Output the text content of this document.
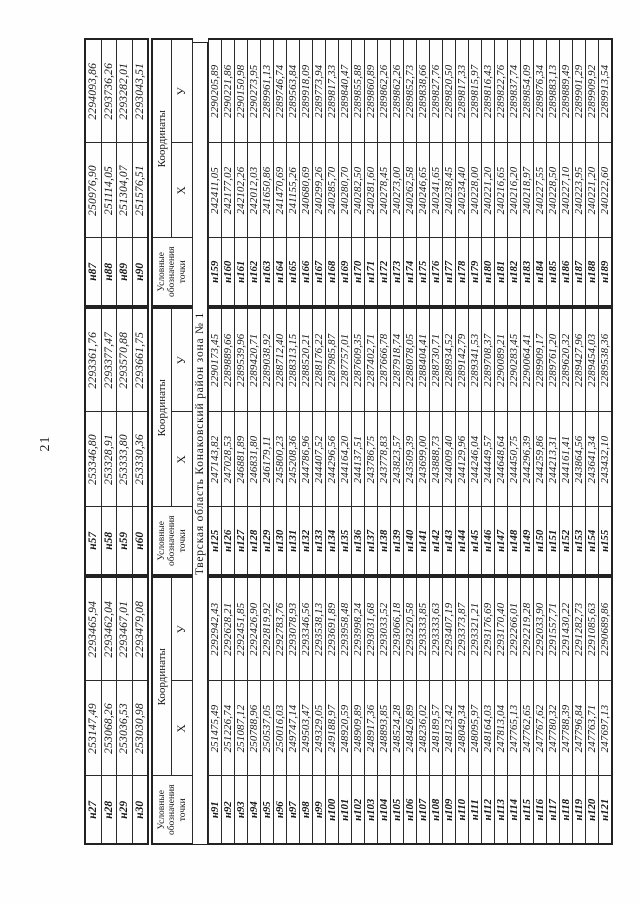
21
н27	253147,49	2293465,94
н28	253068,26	2293462,04
н29	253036,53	2293467,01
н30	253030,98	2293479,08
н57	253346,80	2293361,76
н58	253328,91	2293377,47
н59	253333,80	2293570,88
н60	253330,36	2293661,75
н87	250976,90	2294093,86
н88	251114,05	2293736,26
н89	251304,07	2293282,01
н90	251576,51	2293043,51
Условные обозначения точки	Координаты	
	X	У
Условные обозначения точки	Координаты	
	X	У
Условные обозначения точки	Координаты	
	X	У
Тверская область Конаковский район зона № 1
н91	251475,49	2292942,43
н92	251226,74	2292628,21
н93	251087,12	2292451,85
н94	250788,96	2292426,90
н95	250537,05	2292819,92
н96	250016,03	2292783,76
н97	249747,14	2293078,93
н98	249503,47	2293346,56
н99	249329,05	2293538,13
н100	249188,97	2293691,89
н101	248920,59	2293958,48
н102	248909,89	2293998,24
н103	248917,36	2293031,68
н104	248893,85	2293033,52
н105	248524,28	2293066,18
н106	248426,89	2293220,58
н107	248236,02	2293333,85
н108	248189,57	2293333,63
н109	248123,42	2293407,19
н110	248049,34	2293373,87
н111	248095,97	2293321,21
н112	248164,03	2293176,69
н113	247813,04	2293170,40
н114	247765,13	2292266,01
н115	247762,65	2292219,28
н116	247767,62	2292033,90
н117	247780,32	2291557,71
н118	247788,39	2291430,22
н119	247796,84	2291282,73
н120	247763,71	2291085,63
н121	247697,13	2290689,86
н125	247143,82	2290173,45
н126	247028,53	2289889,66
н127	246881,89	2289539,96
н128	246831,80	2289420,71
н129	246179,11	2289038,92
н130	245800,23	2288712,40
н131	245208,36	2288313,15
н132	244786,96	2288520,21
н133	244407,52	2288176,22
н134	244296,56	2287985,87
н135	244164,20	2287757,01
н136	244137,51	2287609,35
н137	243786,75	2287402,71
н138	243778,83	2287666,78
н139	243823,57	2287918,74
н140	243509,39	2288078,05
н141	243699,00	2288404,41
н142	243888,73	2288730,71
н143	244009,40	2288934,52
н144	244129,96	2289142,79
н145	244246,04	2289341,53
н146	244449,57	2289708,37
н147	244648,64	2290089,21
н148	244450,75	2290283,45
н149	244296,39	2290064,41
н150	244259,86	2289909,17
н151	244213,31	2289761,20
н152	244161,41	2289620,32
н153	243864,56	2289427,96
н154	243641,34	2289454,03
н155	243432,10	2289538,36
н159	242411,05	2290205,89
н160	242177,02	2290221,86
н161	242102,26	2290150,98
н162	242012,03	2290273,95
н163	241650,86	2289961,13
н164	241470,69	2289746,74
н165	241155,26	2289563,84
н166	240680,69	2289918,09
н167	240299,26	2289773,94
н168	240285,70	2289817,33
н169	240280,70	2289840,47
н170	240282,50	2289855,88
н171	240281,60	2289860,89
н172	240278,45	2289862,26
н173	240273,00	2289862,26
н174	240262,58	2289852,73
н175	240246,65	2289838,66
н176	240241,65	2289827,76
н177	240238,45	2289820,50
н178	240234,40	2289817,33
н179	240228,00	2289815,97
н180	240221,20	2289816,43
н181	240216,65	2289822,76
н182	240216,20	2289837,74
н183	240218,97	2289854,09
н184	240227,55	2289876,34
н185	240228,50	2289883,13
н186	240227,10	2289889,49
н187	240223,95	2289901,29
н188	240221,20	2289909,92
н189	240222,60	2289913,54
